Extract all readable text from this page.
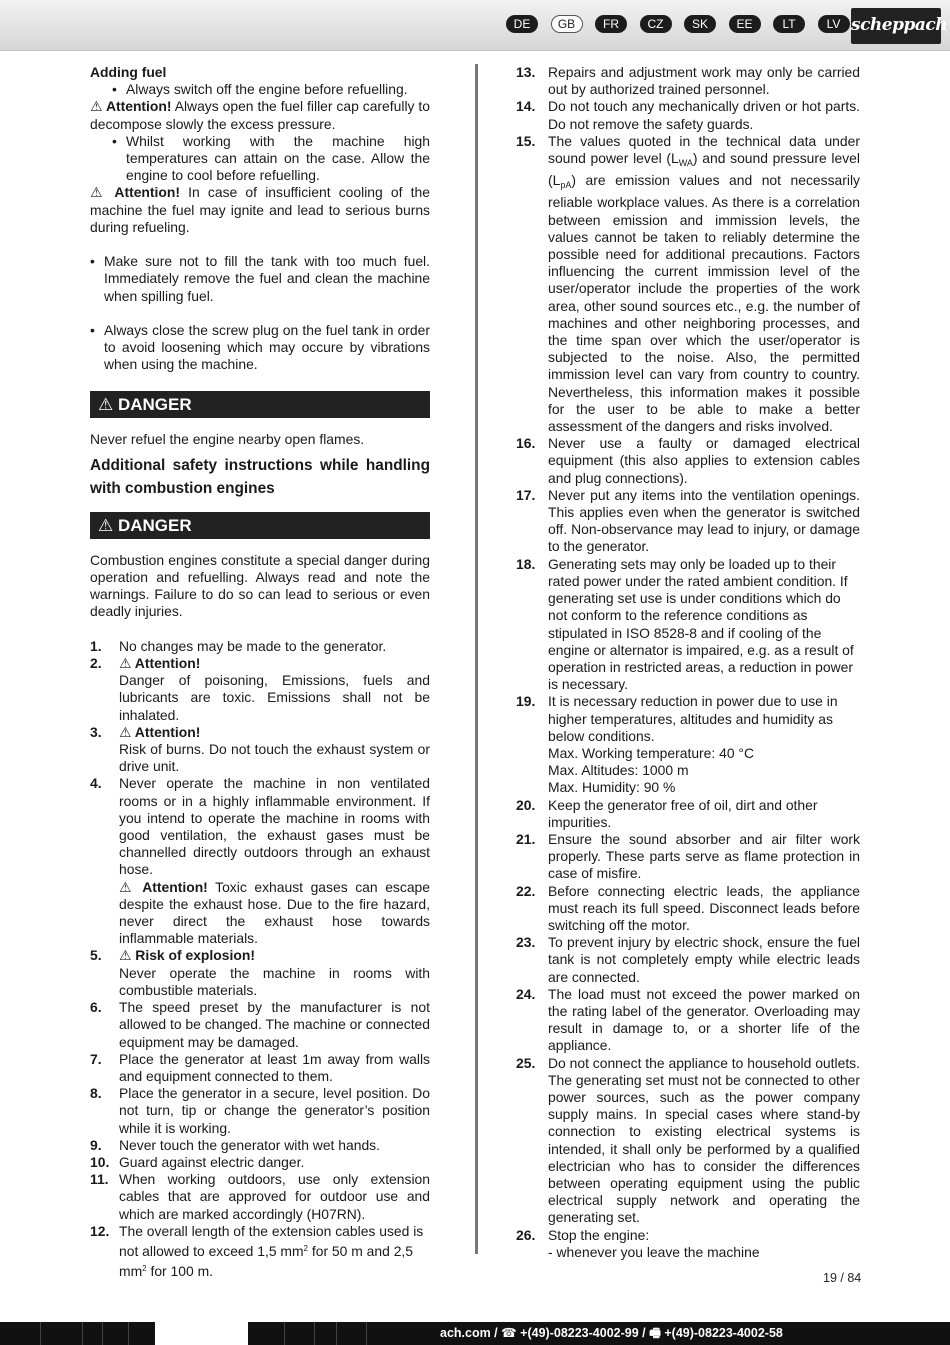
DE	GB	FR	CZ	SK	EE	LT	LV scheppach

Adding fuel

• Always switch off the engine before refuelling.

⚠ Attention! Always open the fuel filler cap carefully to decompose slowly the excess pressure.

• Whilst working with the machine high temperatures can attain on the case. Allow the engine to cool before refuelling.

⚠ Attention! In case of insufficient cooling of the machine the fuel may ignite and lead to serious burns during refueling.

• Make sure not to fill the tank with too much fuel. Immediately remove the fuel and clean the machine when spilling fuel.
• Always close the screw plug on the fuel tank in order to avoid loosening which may occure by vibrations when using the machine.
⚠ DANGER

Never refuel the engine nearby open flames.

Additional safety instructions while handling with combustion engines
⚠ DANGER

Combustion engines constitute a special danger during operation and refuelling. Always read and note the warnings. Failure to do so can lead to serious or even deadly injuries.

1. No changes may be made to the generator.

2. ⚠ Attention!

Danger of poisoning, Emissions, fuels and lubricants are toxic. Emissions shall not be inhalated.

3. ⚠ Attention!

Risk of burns. Do not touch the exhaust system or drive unit.

4. Never operate the machine in non ventilated rooms or in a highly inflammable environment. If you intend to operate the machine in rooms with good ventilation, the exhaust gases must be channelled directly outdoors through an exhaust hose.

⚠ Attention! Toxic exhaust gases can escape despite the exhaust hose. Due to the fire hazard, never direct the exhaust hose towards inflammable materials.

5. ⚠ Risk of explosion!

Never operate the machine in rooms with combustible materials.

6. The speed preset by the manufacturer is not allowed to be changed. The machine or connected equipment may be damaged.

7. Place the generator at least 1m away from walls and equipment connected to them.

8. Place the generator in a secure, level position. Do not turn, tip or change the generator’s position while it is working.

9. Never touch the generator with wet hands.

10. Guard against electric danger.

11. When working outdoors, use only extension cables that are approved for outdoor use and which are marked accordingly (H07RN).

12. The overall length of the extension cables used is not allowed to exceed 1,5 $mm^2$ for 50 m and 2,5 $mm^2$ for 100 m.

13. Repairs and adjustment work may only be carried out by authorized trained personnel.

14. Do not touch any mechanically driven or hot parts. Do not remove the safety guards.

15. The values quoted in the technical data under sound power level $(L_{WA})$ and sound pressure level $(L_{pA})$ are emission values and not necessarily reliable workplace values. As there is a correlation between emission and immission levels, the values cannot be taken to reliably determine the possible need for additional precautions. Factors influencing the current immission level of the user/operator include the properties of the work area, other sound sources etc., e.g. the number of machines and other neighboring processes, and the time span over which the user/operator is subjected to the noise. Also, the permitted immission level can vary from country to country. Nevertheless, this information makes it possible for the user to be able to make a better assessment of the dangers and risks involved.

16. Never use a faulty or damaged electrical equipment (this also applies to extension cables and plug connections).

17. Never put any items into the ventilation openings. This applies even when the generator is switched off. Non-observance may lead to injury, or damage to the generator.

18. Generating sets may only be loaded up to their rated power under the rated ambient condition. If generating set use is under conditions which do not conform to the reference conditions as stipulated in ISO 8528-8 and if cooling of the engine or alternator is impaired, e.g. as a result of operation in restricted areas, a reduction in power is necessary.

19. It is necessary reduction in power due to use in higher temperatures, altitudes and humidity as below conditions.

Max. Working temperature: 40 °C

Max. Altitudes: 1000 m

Max. Humidity: 90 %

20. Keep the generator free of oil, dirt and other impurities.

21. Ensure the sound absorber and air filter work properly. These parts serve as flame protection in case of misfire.

22. Before connecting electric leads, the appliance must reach its full speed. Disconnect leads before switching off the motor.

23. To prevent injury by electric shock, ensure the fuel tank is not completely empty while electric leads are connected.

24. The load must not exceed the power marked on the rating label of the generator. Overloading may result in damage to, or a shorter life of the appliance.

25. Do not connect the appliance to household outlets. The generating set must not be connected to other power sources, such as the power company supply mains. In special cases where stand-by connection to existing electrical systems is intended, it shall only be performed by a qualified electrician who has to consider the differences between operating equipment using the public electrical supply network and operating the generating set.

26. Stop the engine:

- whenever you leave the machine

19 / 84
ach.com / ☎ +(49)-08223-4002-99 / 🖷 +(49)-08223-4002-58
